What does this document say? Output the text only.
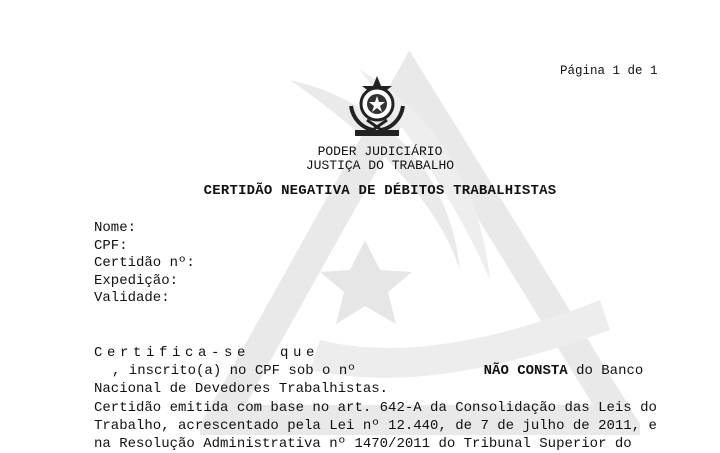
Página 1 de 1
PODER JUDICIÁRIO
JUSTIÇA DO TRABALHO
CERTIDÃO NEGATIVA DE DÉBITOS TRABALHISTAS
Nome:
CPF:
Certidão nº:
Expedição:
Validade:
Certifica-se que
, inscrito(a) no CPF sob o nº	NÃO CONSTA do Banco
Nacional de Devedores Trabalhistas.
Certidão emitida com base no art. 642-A da Consolidação das Leis do
Trabalho, acrescentado pela Lei nº 12.440, de 7 de julho de 2011, e
na Resolução Administrativa nº 1470/2011 do Tribunal Superior do
